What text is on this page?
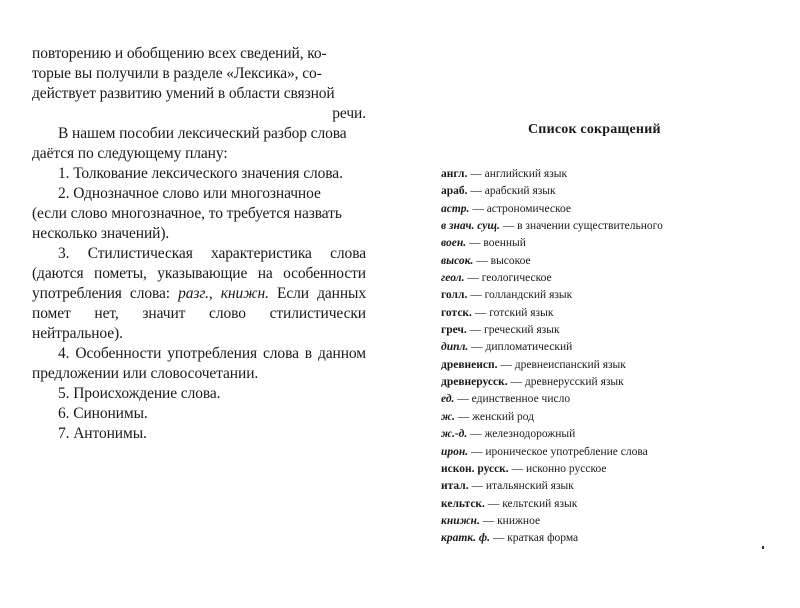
повторению и обобщению всех сведений, ко-
торые вы получили в разделе «Лексика», со-
действует развитию умений в области связной

речи.

В нашем пособии лексический разбор слова
даётся по следующему плану:

1. Толкование лексического значения слова.

2. Однозначное слово или многозначное
(если слово многозначное, то требуется назвать
несколько значений).

3. Стилистическая характеристика слова (даются пометы, указывающие на особенности употребления слова: разг., книжн. Если данных помет нет, значит слово стилистически нейтральное).

4. Особенности употребления слова в данном предложении или словосочетании.

5. Происхождение слова.

6. Синонимы.

7. Антонимы.

Список сокращений
англ. — английский язык
араб. — арабский язык
астр. — астрономическое
в знач. сущ. — в значении существительного
воен. — военный
высок. — высокое
геол. — геологическое
голл. — голландский язык
готск. — готский язык
греч. — греческий язык
дипл. — дипломатический
древнеисп. — древнеиспанский язык
древнерусск. — древнерусский язык
ед. — единственное число
ж. — женский род
ж.-д. — железнодорожный
ирон. — ироническое употребление слова
искон. русск. — исконно русское
итал. — итальянский язык
кельтск. — кельтский язык
книжн. — книжное
кратк. ф. — краткая форма
